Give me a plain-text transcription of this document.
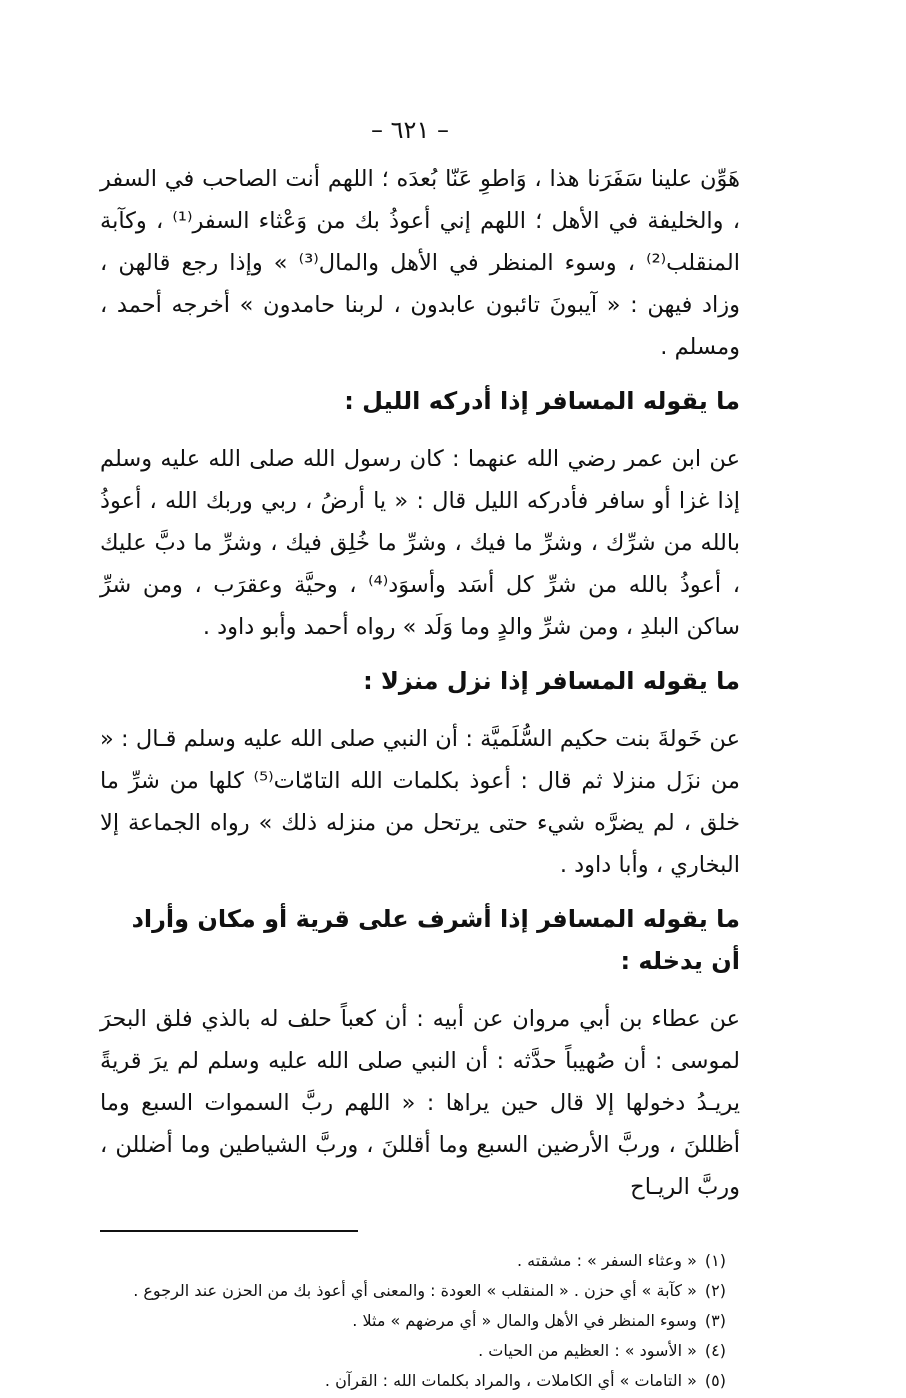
– ٦٢١ –

هَوِّن علينا سَفَرَنا هذا ، وَاطوِ عَنّا بُعدَه ؛ اللهم أنت الصاحب في السفر ، والخليفة في الأهل ؛ اللهم إني أعوذُ بك من وَعْثاء السفر⁽¹⁾ ، وكآبة المنقلب⁽²⁾ ، وسوء المنظر في الأهل والمال⁽³⁾ » وإذا رجع قالهن ، وزاد فيهن : « آيبونَ تائبون عابدون ، لربنا حامدون » أخرجه أحمد ، ومسلم .

ما يقوله المسافر إذا أدركه الليل :

عن ابن عمر رضي الله عنهما : كان رسول الله صلى الله عليه وسلم إذا غزا أو سافر فأدركه الليل قال : « يا أرضُ ، ربي وربك الله ، أعوذُ بالله من شرِّك ، وشرِّ ما فيك ، وشرِّ ما خُلِق فيك ، وشرِّ ما دبَّ عليك ، أعوذُ بالله من شرِّ كل أسَد وأسوَد⁽⁴⁾ ، وحيَّة وعقرَب ، ومن شرِّ ساكن البلدِ ، ومن شرِّ والدٍ وما وَلَد » رواه أحمد وأبو داود .

ما يقوله المسافر إذا نزل منزلا :

عن خَولةَ بنت حكيم السُّلَميَّة : أن النبي صلى الله عليه وسلم قـال : « من نزَل منزلا ثم قال : أعوذ بكلمات الله التامّات⁽⁵⁾ كلها من شرِّ ما خلق ، لم يضرَّه شيء حتى يرتحل من منزله ذلك » رواه الجماعة إلا البخاري ، وأبا داود .

ما يقوله المسافر إذا أشرف على قرية أو مكان وأراد أن يدخله :

عن عطاء بن أبي مروان عن أبيه : أن كعباً حلف له بالذي فلق البحرَ لموسى : أن صُهيباً حدَّثه : أن النبي صلى الله عليه وسلم لم يرَ قريةً يريـدُ دخولها إلا قال حين يراها : « اللهم ربَّ السموات السبع وما أظللنَ ، وربَّ الأرضين السبع وما أقللنَ ، وربَّ الشياطين وما أضللن ، وربَّ الريـاح

(١)« وعثاء السفر » : مشقته .
(٢)« كآبة » أي حزن . « المنقلب » العودة : والمعنى أي أعوذ بك من الحزن عند الرجوع .
(٣)وسوء المنظر في الأهل والمال « أي مرضهم » مثلا .
(٤)« الأسود » : العظيم من الحيات .
(٥)« التامات » أي الكاملات ، والمراد بكلمات الله : القرآن .
